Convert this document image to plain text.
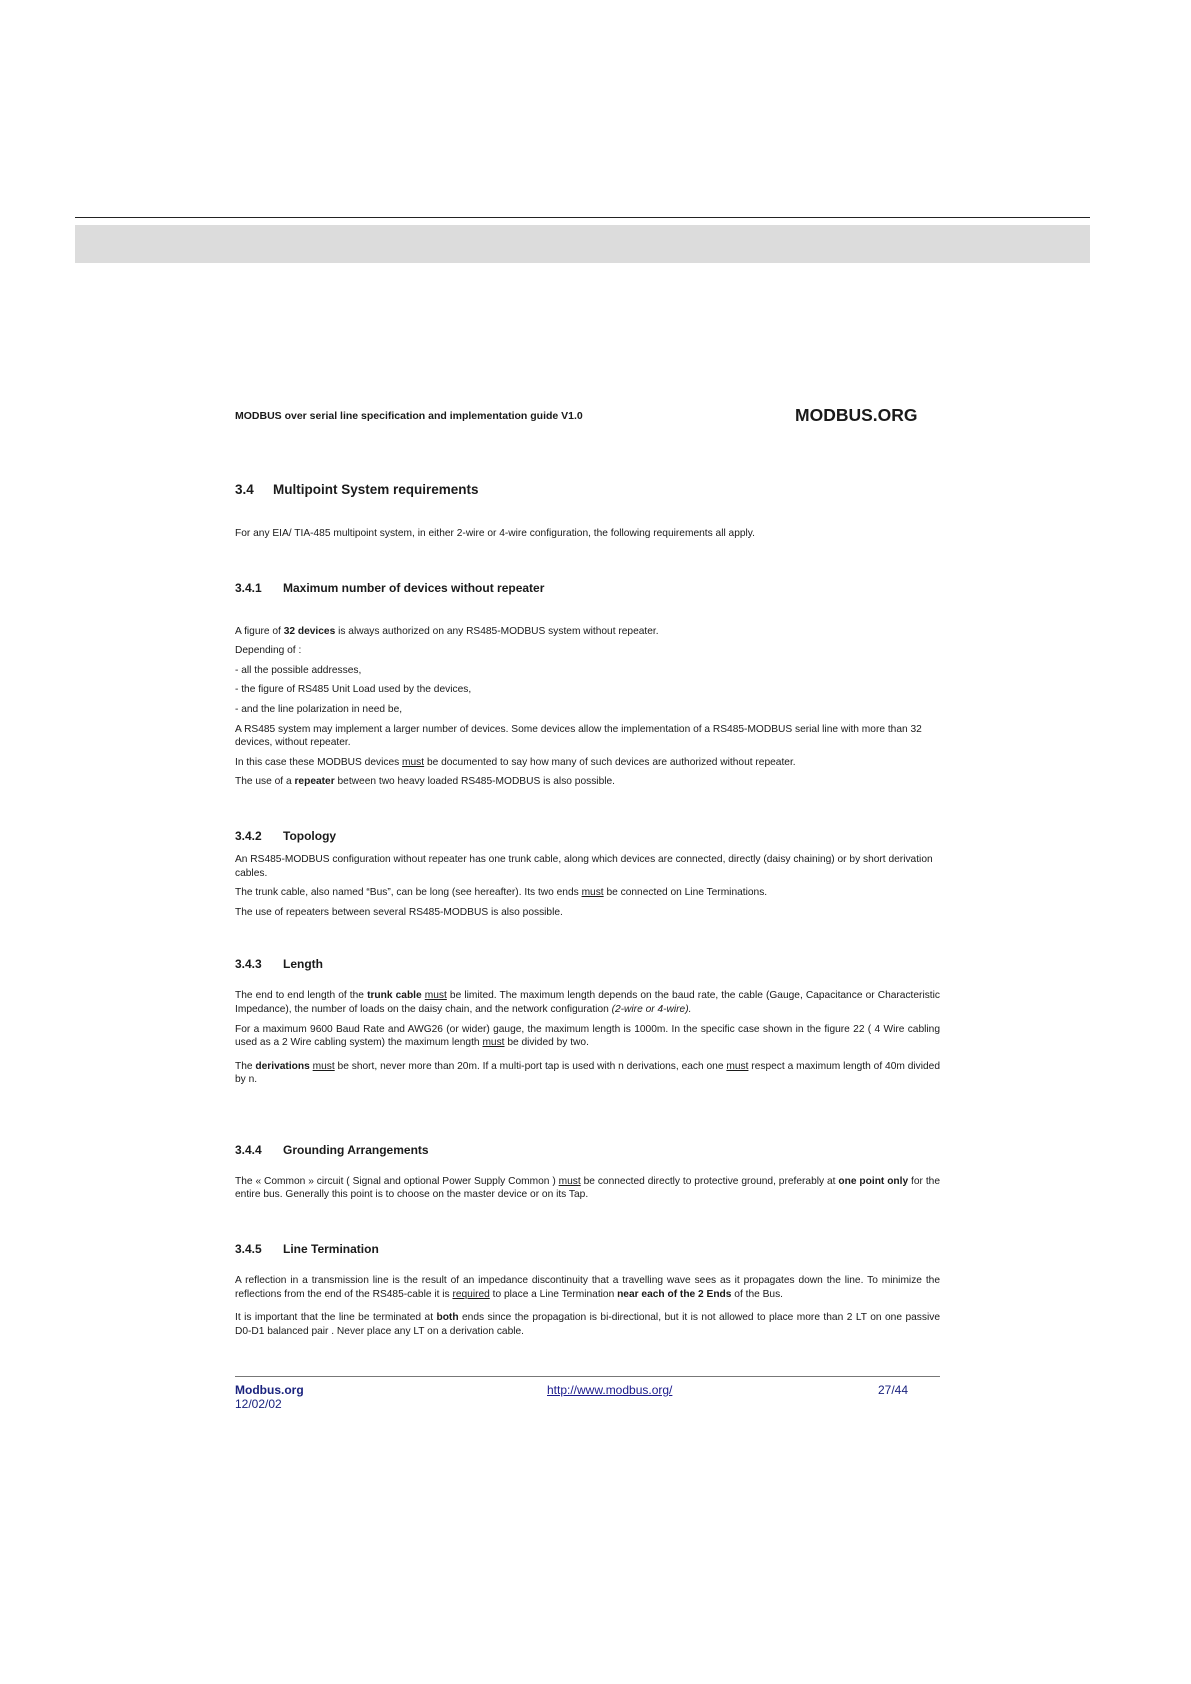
MODBUS over serial line specification and implementation guide V1.0	MODBUS.ORG
3.4 Multipoint System requirements

For any EIA/ TIA-485 multipoint system, in either 2-wire or 4-wire configuration, the following requirements all apply.

3.4.1 Maximum number of devices without repeater

A figure of 32 devices is always authorized on any RS485-MODBUS system without repeater.

Depending of :

- all the possible addresses,

- the figure of RS485 Unit Load used by the devices,

- and the line polarization in need be,

A RS485 system may implement a larger number of devices. Some devices allow the implementation of a RS485-MODBUS serial line with more than 32 devices, without repeater.

In this case these MODBUS devices must be documented to say how many of such devices are authorized without repeater.

The use of a repeater between two heavy loaded RS485-MODBUS is also possible.

3.4.2 Topology

An RS485-MODBUS configuration without repeater has one trunk cable, along which devices are connected, directly (daisy chaining) or by short derivation cables.

The trunk cable, also named “Bus”, can be long (see hereafter). Its two ends must be connected on Line Terminations.

The use of repeaters between several RS485-MODBUS is also possible.

3.4.3 Length

The end to end length of the trunk cable must be limited. The maximum length depends on the baud rate, the cable (Gauge, Capacitance or Characteristic Impedance), the number of loads on the daisy chain, and the network configuration (2-wire or 4-wire).

For a maximum 9600 Baud Rate and AWG26 (or wider) gauge, the maximum length is 1000m. In the specific case shown in the figure 22 ( 4 Wire cabling used as a 2 Wire cabling system) the maximum length must be divided by two.

The derivations must be short, never more than 20m. If a multi-port tap is used with n derivations, each one must respect a maximum length of 40m divided by n.

3.4.4 Grounding Arrangements

The « Common » circuit ( Signal and optional Power Supply Common ) must be connected directly to protective ground, preferably at one point only for the entire bus. Generally this point is to choose on the master device or on its Tap.

3.4.5 Line Termination

A reflection in a transmission line is the result of an impedance discontinuity that a travelling wave sees as it propagates down the line. To minimize the reflections from the end of the RS485-cable it is required to place a Line Termination near each of the 2 Ends of the Bus.

It is important that the line be terminated at both ends since the propagation is bi-directional, but it is not allowed to place more than 2 LT on one passive D0-D1 balanced pair . Never place any LT on a derivation cable.

Modbus.org
12/02/02
http://www.modbus.org/	27/44
